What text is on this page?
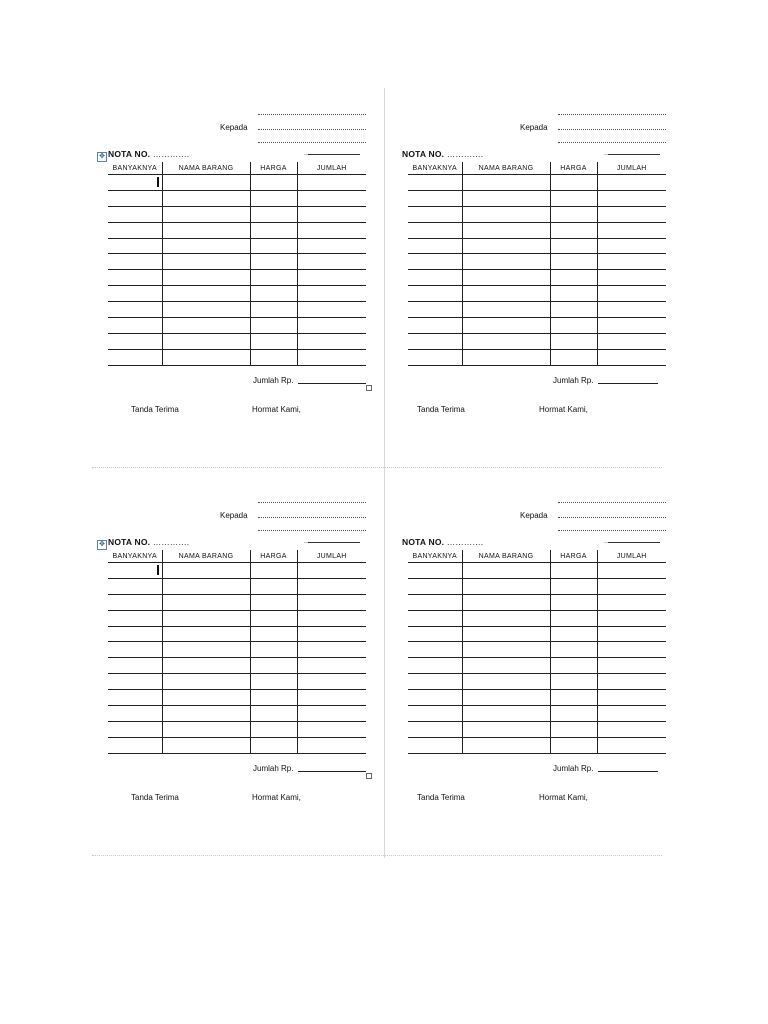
Kepada
✥ NOTA NO. ………….	..
BANYAKNYA	NAMA BARANG	HARGA	JUMLAH

Jumlah Rp.
Tanda Terima	Hormat Kami,
Kepada
NOTA NO. ………….	..
BANYAKNYA	NAMA BARANG	HARGA	JUMLAH

Jumlah Rp.
Tanda Terima	Hormat Kami,
Kepada
✥ NOTA NO. ………….	..
BANYAKNYA	NAMA BARANG	HARGA	JUMLAH

Jumlah Rp.
Tanda Terima	Hormat Kami,
Kepada
NOTA NO. ………….	..
BANYAKNYA	NAMA BARANG	HARGA	JUMLAH

Jumlah Rp.
Tanda Terima	Hormat Kami,
